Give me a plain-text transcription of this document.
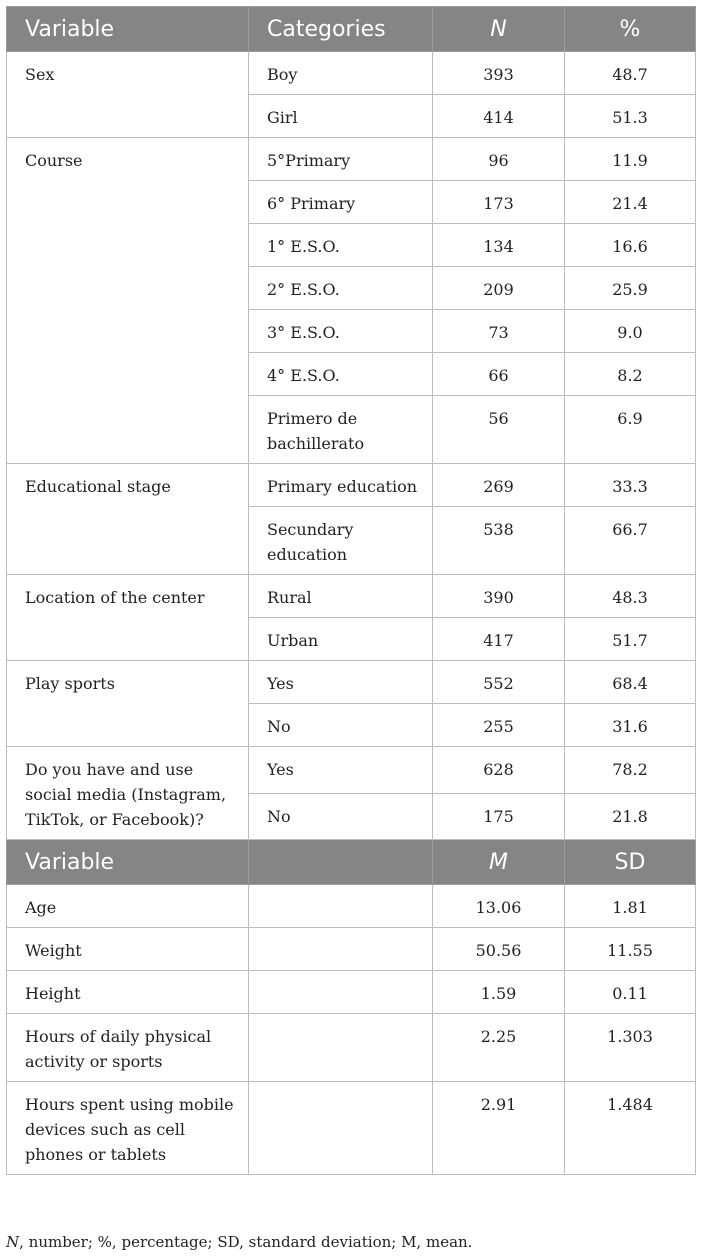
Variable	Categories	N	%
Sex	Boy	393	48.7
	Girl	414	51.3
Course	5°Primary	96	11.9
	6° Primary	173	21.4
	1° E.S.O.	134	16.6
	2° E.S.O.	209	25.9
	3° E.S.O.	73	9.0
	4° E.S.O.	66	8.2
	Primero de bachillerato	56	6.9
Educational stage	Primary education	269	33.3
	Secundary education	538	66.7
Location of the center	Rural	390	48.3
	Urban	417	51.7
Play sports	Yes	552	68.4
	No	255	31.6
Do you have and use social media (Instagram, TikTok, or Facebook)?	Yes	628	78.2
	No	175	21.8
Variable		M	SD
Age		13.06	1.81
Weight		50.56	11.55
Height		1.59	0.11
Hours of daily physical activity or sports		2.25	1.303
Hours spent using mobile devices such as cell phones or tablets		2.91	1.484
N, number; %, percentage; SD, standard deviation; M, mean.
